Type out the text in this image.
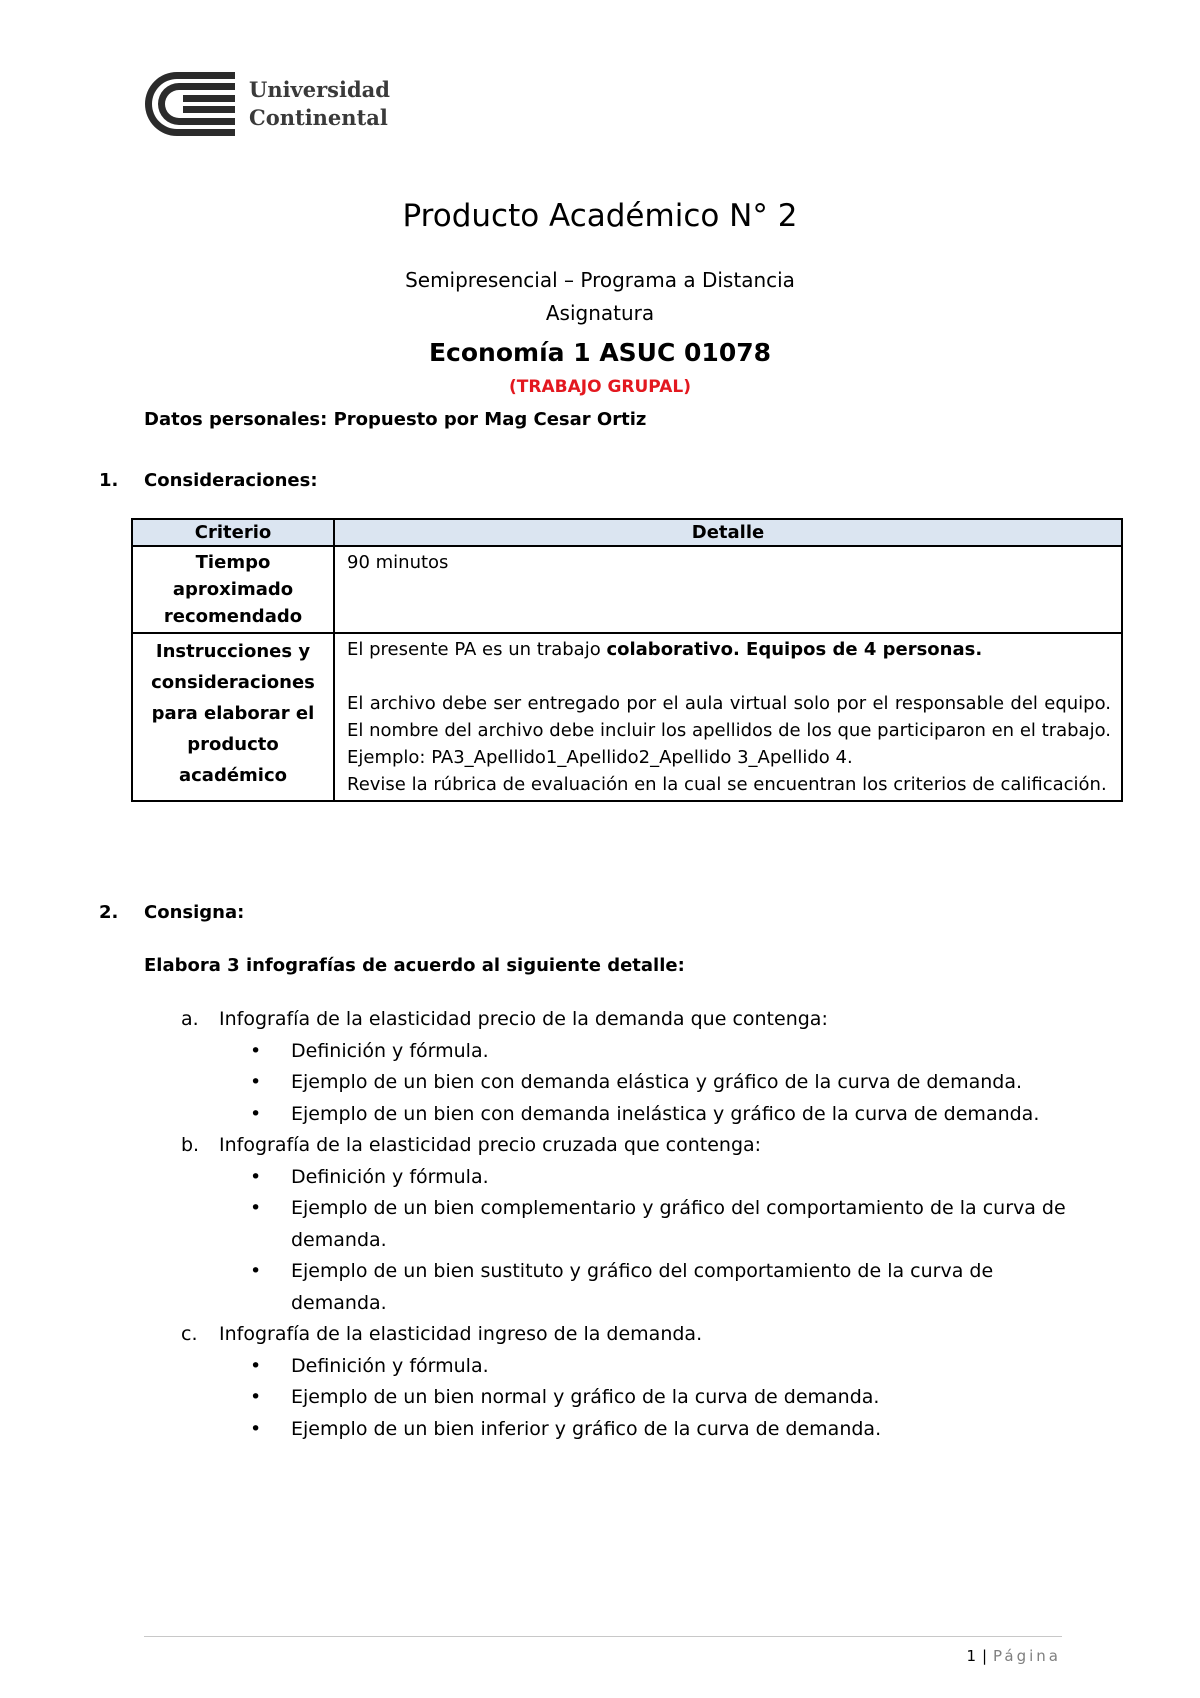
Universidad
Continental
Producto Académico N° 2
Semipresencial – Programa a Distancia
Asignatura
Economía 1 ASUC 01078
(TRABAJO GRUPAL)
Datos personales: Propuesto por Mag Cesar Ortiz
1. Consideraciones:
Criterio	Detalle
Tiempo aproximado recomendado	90 minutos
Instrucciones y consideraciones para elaborar el producto académico	El presente PA es un trabajo colaborativo. Equipos de 4 personas.

El archivo debe ser entregado por el aula virtual solo por el responsable del equipo. El nombre del archivo debe incluir los apellidos de los que participaron en el trabajo. Ejemplo: PA3_Apellido1_Apellido2_Apellido 3_Apellido 4.

Revise la rúbrica de evaluación en la cual se encuentran los criterios de calificación.

2. Consigna:
Elabora 3 infografías de acuerdo al siguiente detalle:
a. Infografía de la elasticidad precio de la demanda que contenga:
• Definición y fórmula.
• Ejemplo de un bien con demanda elástica y gráfico de la curva de demanda.
• Ejemplo de un bien con demanda inelástica y gráfico de la curva de demanda.
b. Infografía de la elasticidad precio cruzada que contenga:
• Definición y fórmula.
• Ejemplo de un bien complementario y gráfico del comportamiento de la curva de demanda.
• Ejemplo de un bien sustituto y gráfico del comportamiento de la curva de demanda.
c. Infografía de la elasticidad ingreso de la demanda.
• Definición y fórmula.
• Ejemplo de un bien normal y gráfico de la curva de demanda.
• Ejemplo de un bien inferior y gráfico de la curva de demanda.
1 | Página
